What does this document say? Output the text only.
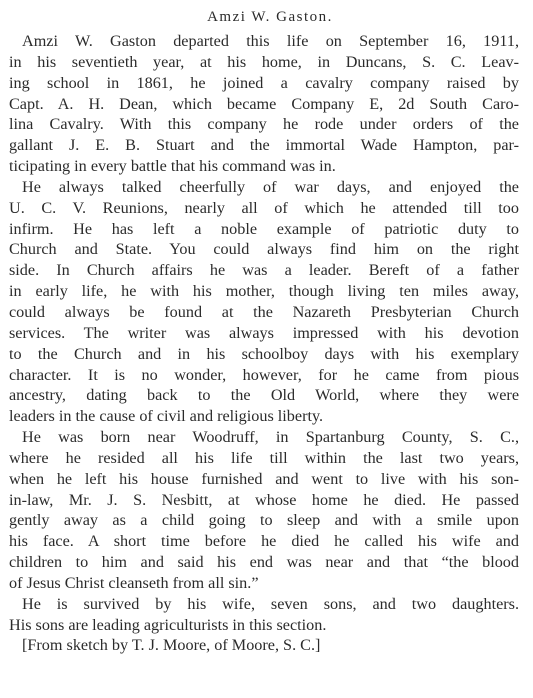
Amzi W. Gaston.

Amzi W. Gaston departed this life on September 16, 1911,
in his seventieth year, at his home, in Duncans, S. C. Leav-
ing school in 1861, he joined a cavalry company raised by
Capt. A. H. Dean, which became Company E, 2d South Caro-
lina Cavalry. With this company he rode under orders of the
gallant J. E. B. Stuart and the immortal Wade Hampton, par-
ticipating in every battle that his command was in.

He always talked cheerfully of war days, and enjoyed the
U. C. V. Reunions, nearly all of which he attended till too
infirm. He has left a noble example of patriotic duty to
Church and State. You could always find him on the right
side. In Church affairs he was a leader. Bereft of a father
in early life, he with his mother, though living ten miles away,
could always be found at the Nazareth Presbyterian Church
services. The writer was always impressed with his devotion
to the Church and in his schoolboy days with his exemplary
character. It is no wonder, however, for he came from pious
ancestry, dating back to the Old World, where they were
leaders in the cause of civil and religious liberty.

He was born near Woodruff, in Spartanburg County, S. C.,
where he resided all his life till within the last two years,
when he left his house furnished and went to live with his son-
in-law, Mr. J. S. Nesbitt, at whose home he died. He passed
gently away as a child going to sleep and with a smile upon
his face. A short time before he died he called his wife and
children to him and said his end was near and that “the blood
of Jesus Christ cleanseth from all sin.”

He is survived by his wife, seven sons, and two daughters.
His sons are leading agriculturists in this section.

[From sketch by T. J. Moore, of Moore, S. C.]
